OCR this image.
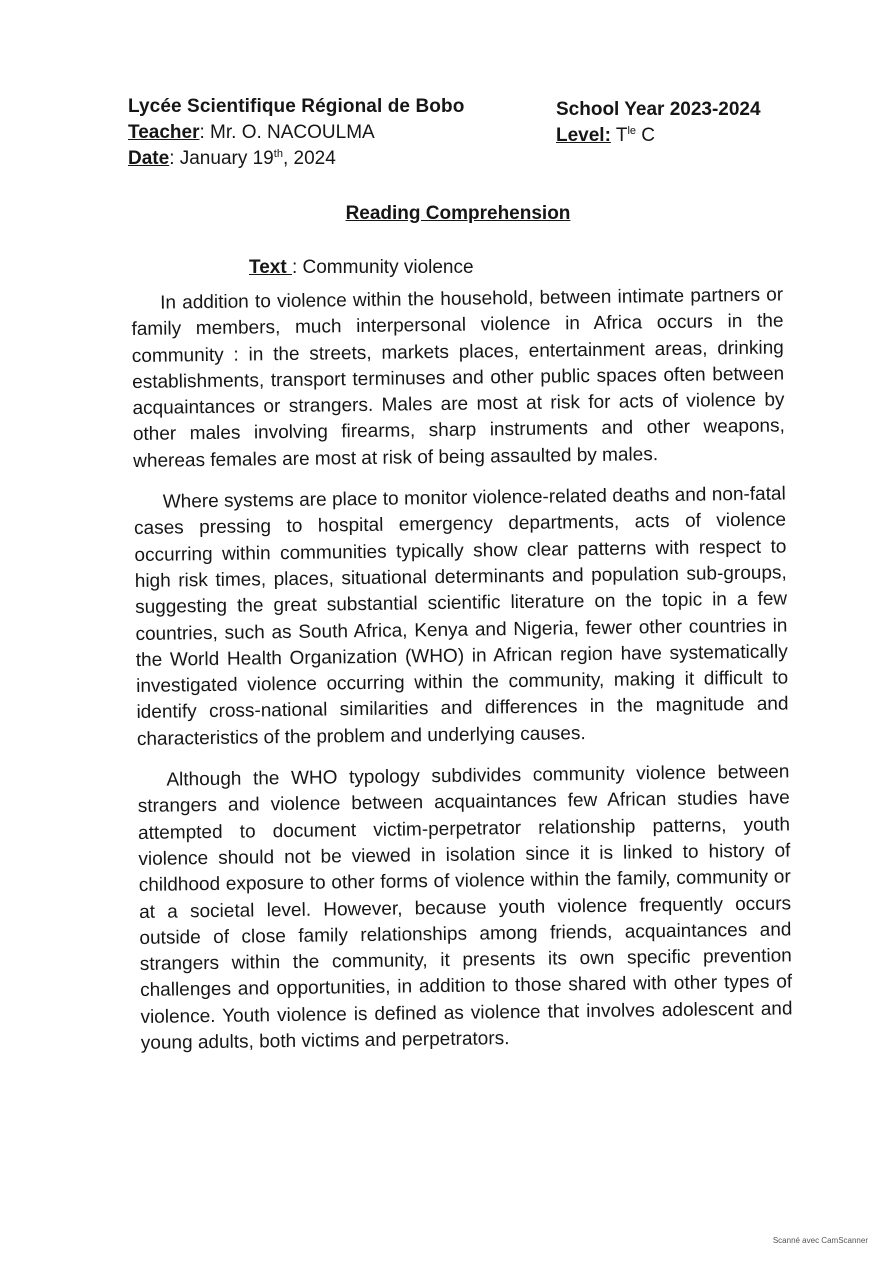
Lycée Scientifique Régional de Bobo
Teacher: Mr. O. NACOULMA
Date: January 19th, 2024
School Year 2023-2024
Level: $T^{le}$ C
Reading Comprehension
Text : Community violence

In addition to violence within the household, between intimate partners or family members, much interpersonal violence in Africa occurs in the community : in the streets, markets places, entertainment areas, drinking establishments, transport terminuses and other public spaces often between acquaintances or strangers. Males are most at risk for acts of violence by other males involving firearms, sharp instruments and other weapons, whereas females are most at risk of being assaulted by males.

Where systems are place to monitor violence-related deaths and non-fatal cases pressing to hospital emergency departments, acts of violence occurring within communities typically show clear patterns with respect to high risk times, places, situational determinants and population sub-groups, suggesting the great substantial scientific literature on the topic in a few countries, such as South Africa, Kenya and Nigeria, fewer other countries in the World Health Organization (WHO) in African region have systematically investigated violence occurring within the community, making it difficult to identify cross-national similarities and differences in the magnitude and characteristics of the problem and underlying causes.

Although the WHO typology subdivides community violence between strangers and violence between acquaintances few African studies have attempted to document victim-perpetrator relationship patterns, youth violence should not be viewed in isolation since it is linked to history of childhood exposure to other forms of violence within the family, community or at a societal level. However, because youth violence frequently occurs outside of close family relationships among friends, acquaintances and strangers within the community, it presents its own specific prevention challenges and opportunities, in addition to those shared with other types of violence. Youth violence is defined as violence that involves adolescent and young adults, both victims and perpetrators.

Scanné avec CamScanner
